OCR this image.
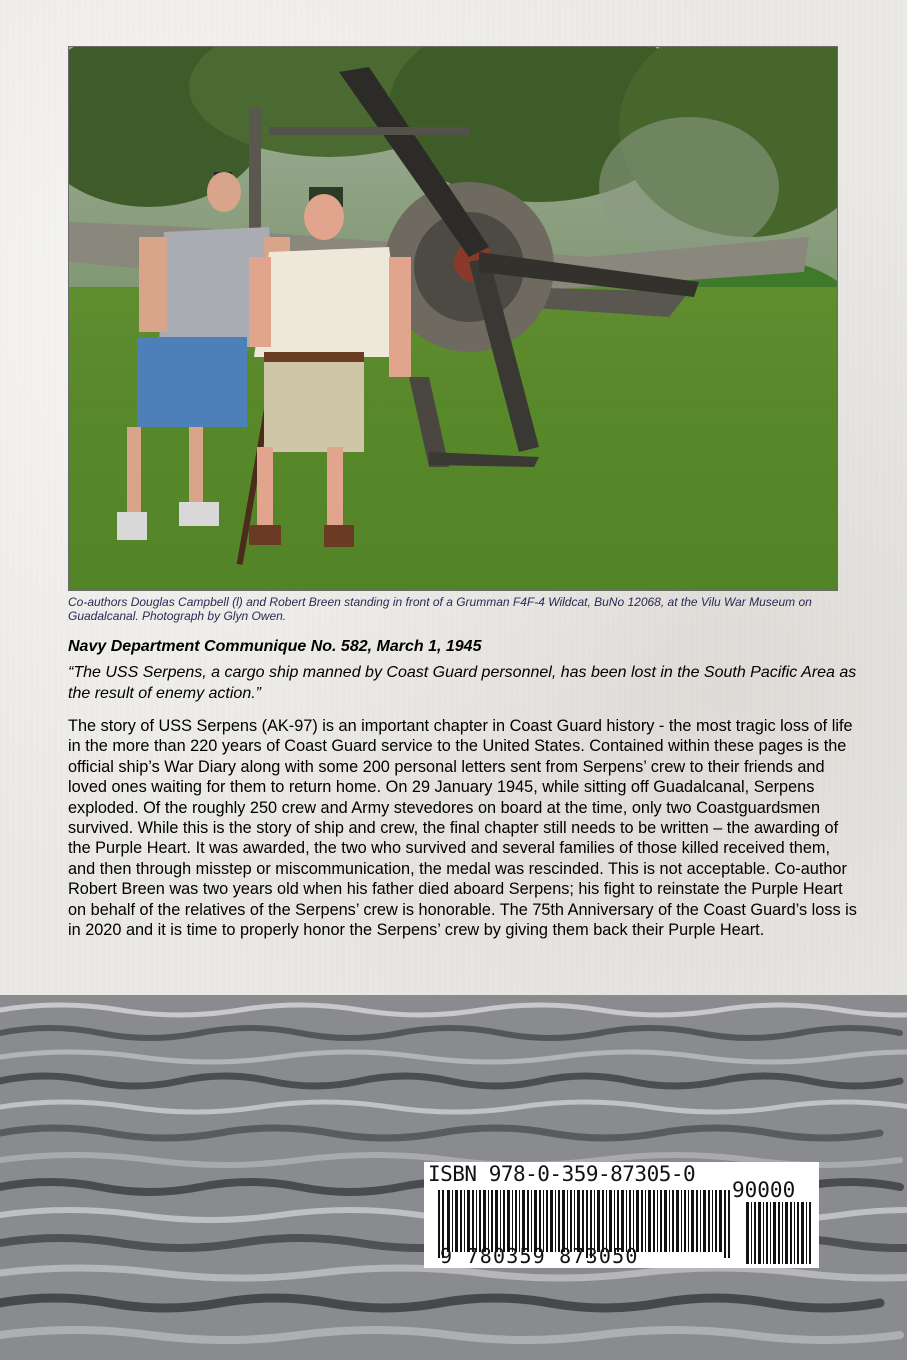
Co-authors Douglas Campbell (l) and Robert Breen standing in front of a Grumman F4F-4 Wildcat, BuNo 12068, at the Vilu War Museum on Guadalcanal. Photograph by Glyn Owen.
Navy Department Communique No. 582, March 1, 1945
“The USS Serpens, a cargo ship manned by Coast Guard personnel, has been lost in the South Pacific Area as the result of enemy action.”
The story of USS Serpens (AK-97) is an important chapter in Coast Guard history - the most tragic loss of life in the more than 220 years of Coast Guard service to the United States. Contained within these pages is the official ship’s War Diary along with some 200 personal letters sent from Serpens’ crew to their friends and loved ones waiting for them to return home. On 29 January 1945, while sitting off Guadalcanal, Serpens exploded. Of the roughly 250 crew and Army stevedores on board at the time, only two Coastguardsmen survived. While this is the story of ship and crew, the final chapter still needs to be written – the awarding of the Purple Heart. It was awarded, the two who survived and several families of those killed received them, and then through misstep or miscommunication, the medal was rescinded. This is not acceptable. Co-author Robert Breen was two years old when his father died aboard Serpens; his fight to reinstate the Purple Heart on behalf of the relatives of the Serpens’ crew is honorable. The 75th Anniversary of the Coast Guard’s loss is in 2020 and it is time to properly honor the Serpens’ crew by giving them back their Purple Heart.
ISBN 978-0-359-87305-0
90000
9 780359 873050
